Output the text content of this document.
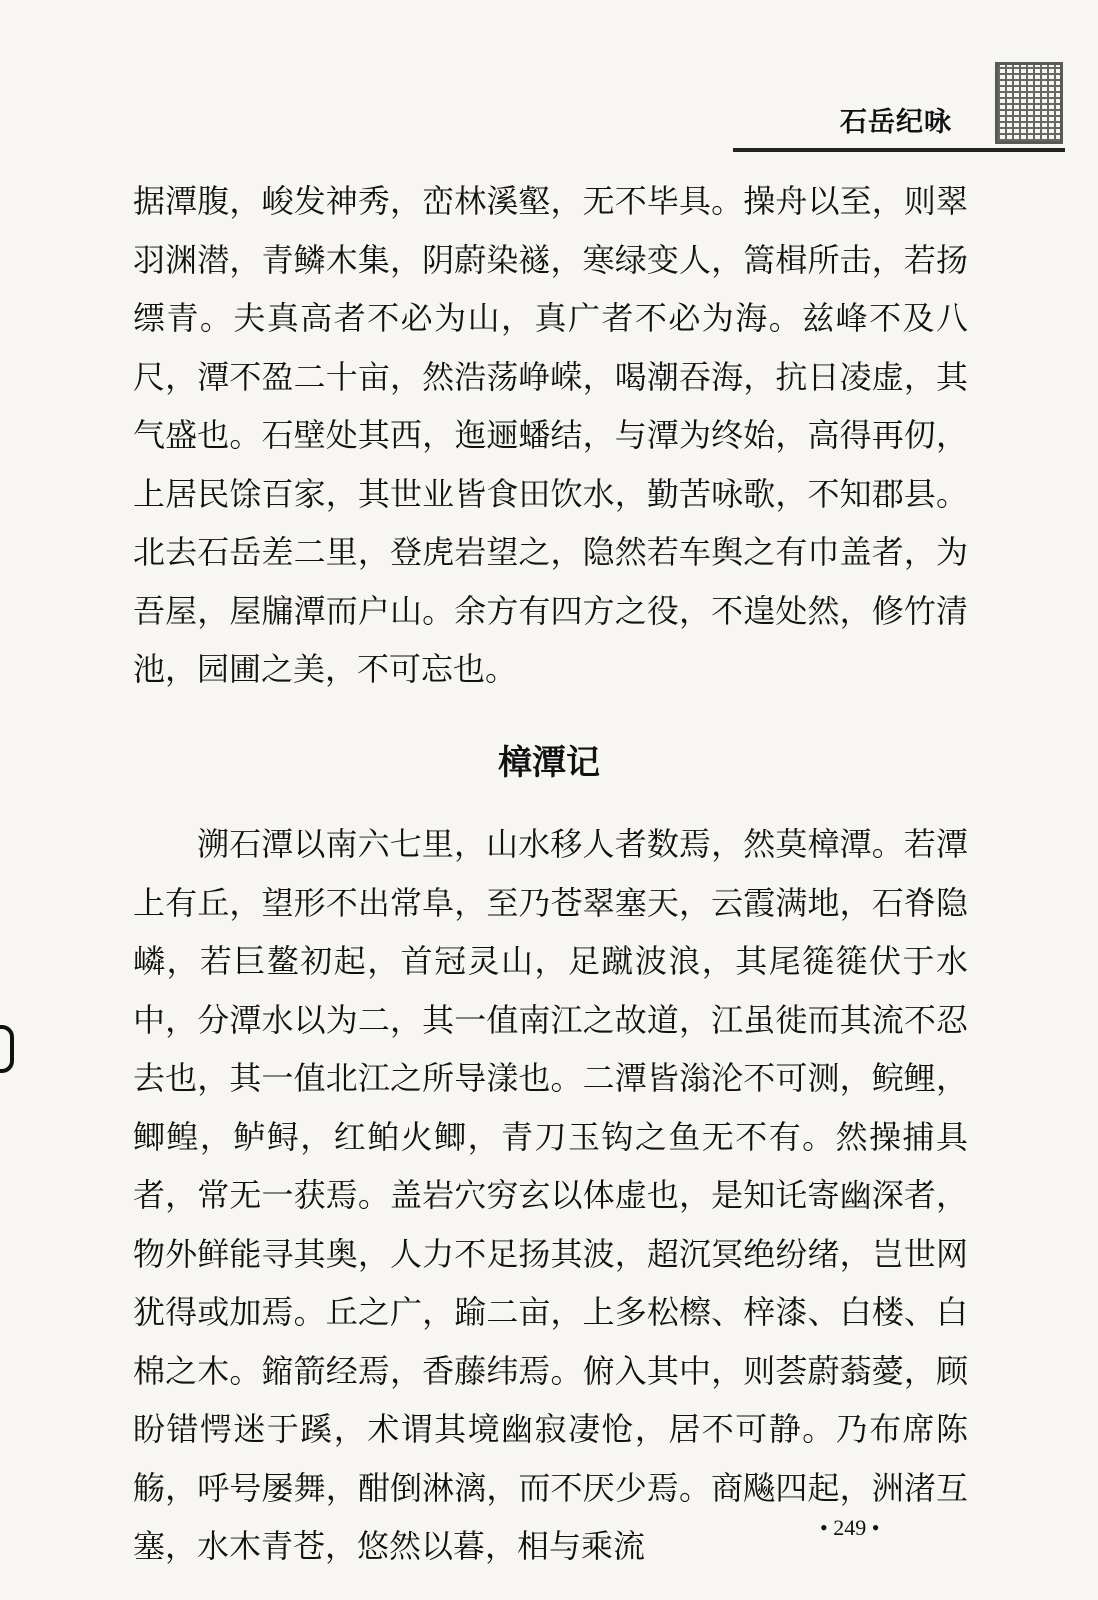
石岳纪咏

据潭腹，峻发神秀，峦林溪壑，无不毕具。操舟以至，则翠羽渊潜，青鳞木集，阴蔚染襚，寒绿变人，篙楫所击，若扬缥青。夫真高者不必为山，真广者不必为海。兹峰不及八尺，潭不盈二十亩，然浩荡峥嵘，喝潮吞海，抗日凌虚，其气盛也。石壁处其西，迤逦蟠结，与潭为终始，高得再仞，上居民馀百家，其世业皆食田饮水，勤苦咏歌，不知郡县。北去石岳差二里，登虎岩望之，隐然若车舆之有巾盖者，为吾屋，屋牖潭而户山。余方有四方之役，不遑处然，修竹清池，园圃之美，不可忘也。

樟潭记

溯石潭以南六七里，山水移人者数焉，然莫樟潭。若潭上有丘，望形不出常阜，至乃苍翠塞天，云霞满地，石脊隐嶙，若巨鳌初起，首冠灵山，足蹴波浪，其尾簁簁伏于水中，分潭水以为二，其一值南江之故道，江虽徙而其流不忍去也，其一值北江之所导漾也。二潭皆滃沦不可测，鲩鲤，鲫鳇，鲈鲟，红鲌火鲫，青刀玉钩之鱼无不有。然操捕具者，常无一获焉。盖岩穴穷玄以体虚也，是知讬寄幽深者，物外鲜能寻其奥，人力不足扬其波，超沉冥绝纷绪，岂世网犹得或加焉。丘之广，踰二亩，上多松檫、梓漆、白楼、白棉之木。鏥箭经焉，香藤纬焉。俯入其中，则荟蔚蓊薆，顾盼错愕迷于蹊，术谓其境幽寂凄怆，居不可静。乃布席陈觞，呼号屡舞，酣倒淋漓，而不厌少焉。商飚四起，洲渚互塞，水木青苍，悠然以暮，相与乘流	• 249 •
